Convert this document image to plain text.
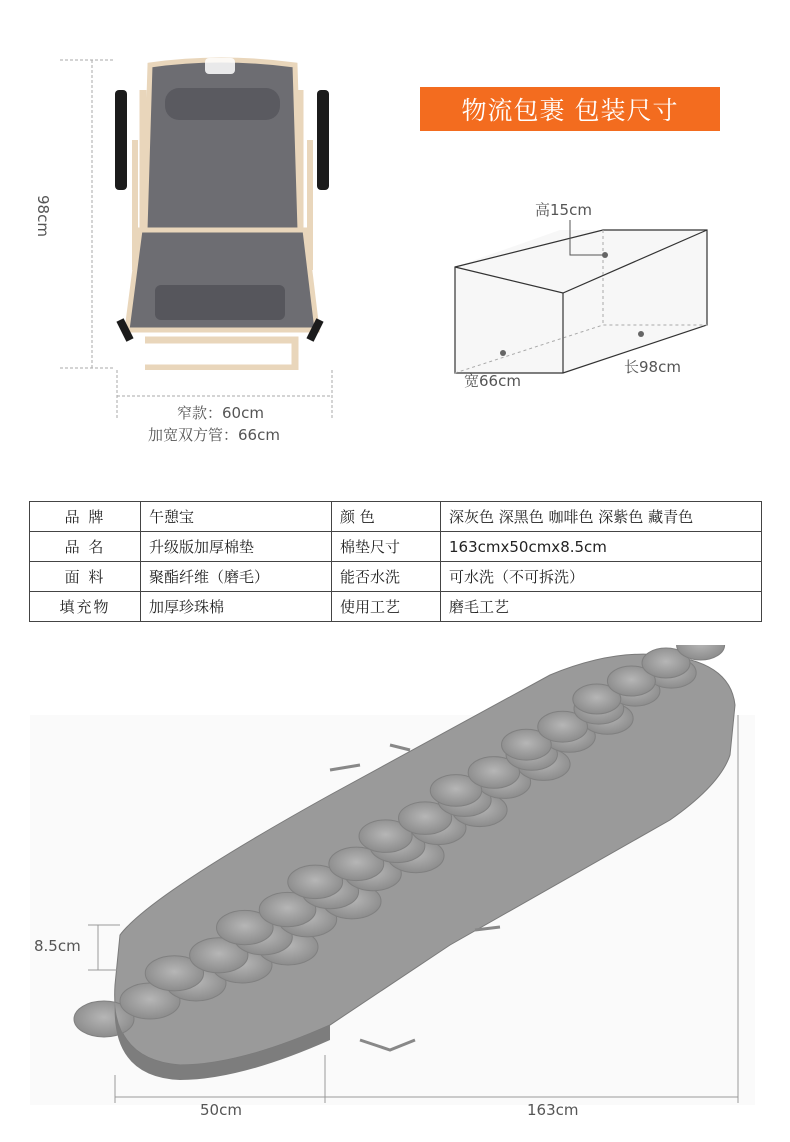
98cm
窄款：60cm
加宽双方管：66cm
物流包裹 包装尺寸
高15cm
宽66cm
长98cm
品 牌	午憩宝	颜 色	深灰色 深黑色 咖啡色 深紫色 藏青色
品 名	升级版加厚棉垫	棉垫尺寸	163cmx50cmx8.5cm
面 料	聚酯纤维（磨毛）	能否水洗	可水洗（不可拆洗）
填充物	加厚珍珠棉	使用工艺	磨毛工艺
8.5cm
50cm	163cm
